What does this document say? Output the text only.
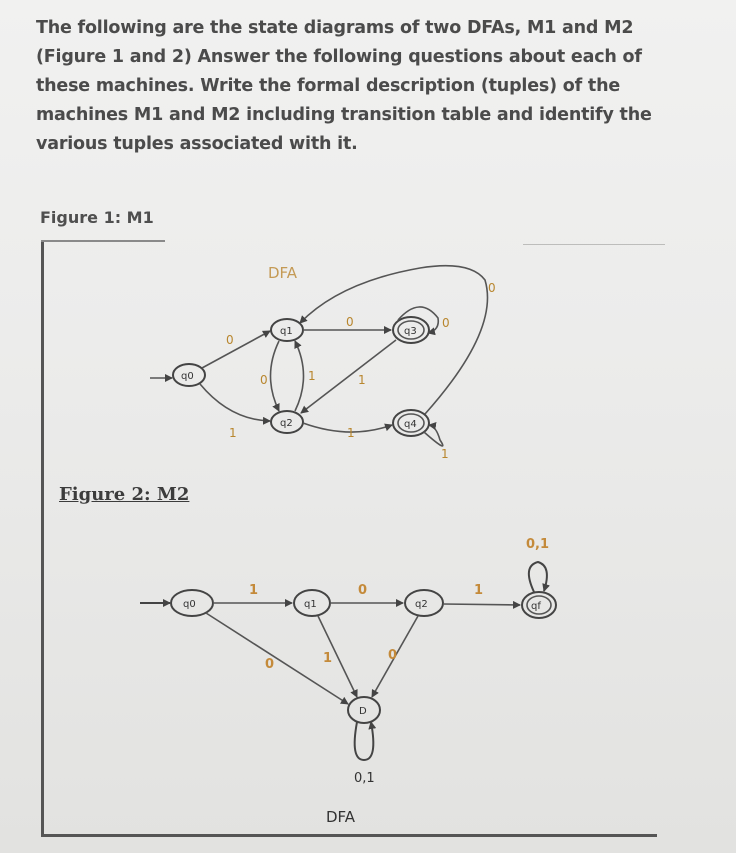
The following are the state diagrams of two DFAs, M1 and M2
(Figure 1 and 2) Answer the following questions about each of
these machines. Write the formal description (tuples) of the
machines M1 and M2 including transition table and identify the
various tuples associated with it.
Figure 1: M1
DFA
q0
q1
q2
q3
q4
0
1
0	1
0
1
1
0
0
1
q0	q1	q2	qf
D
1
0
0
1	0
1
0,1
0,1
DFA
Figure 2: M2
